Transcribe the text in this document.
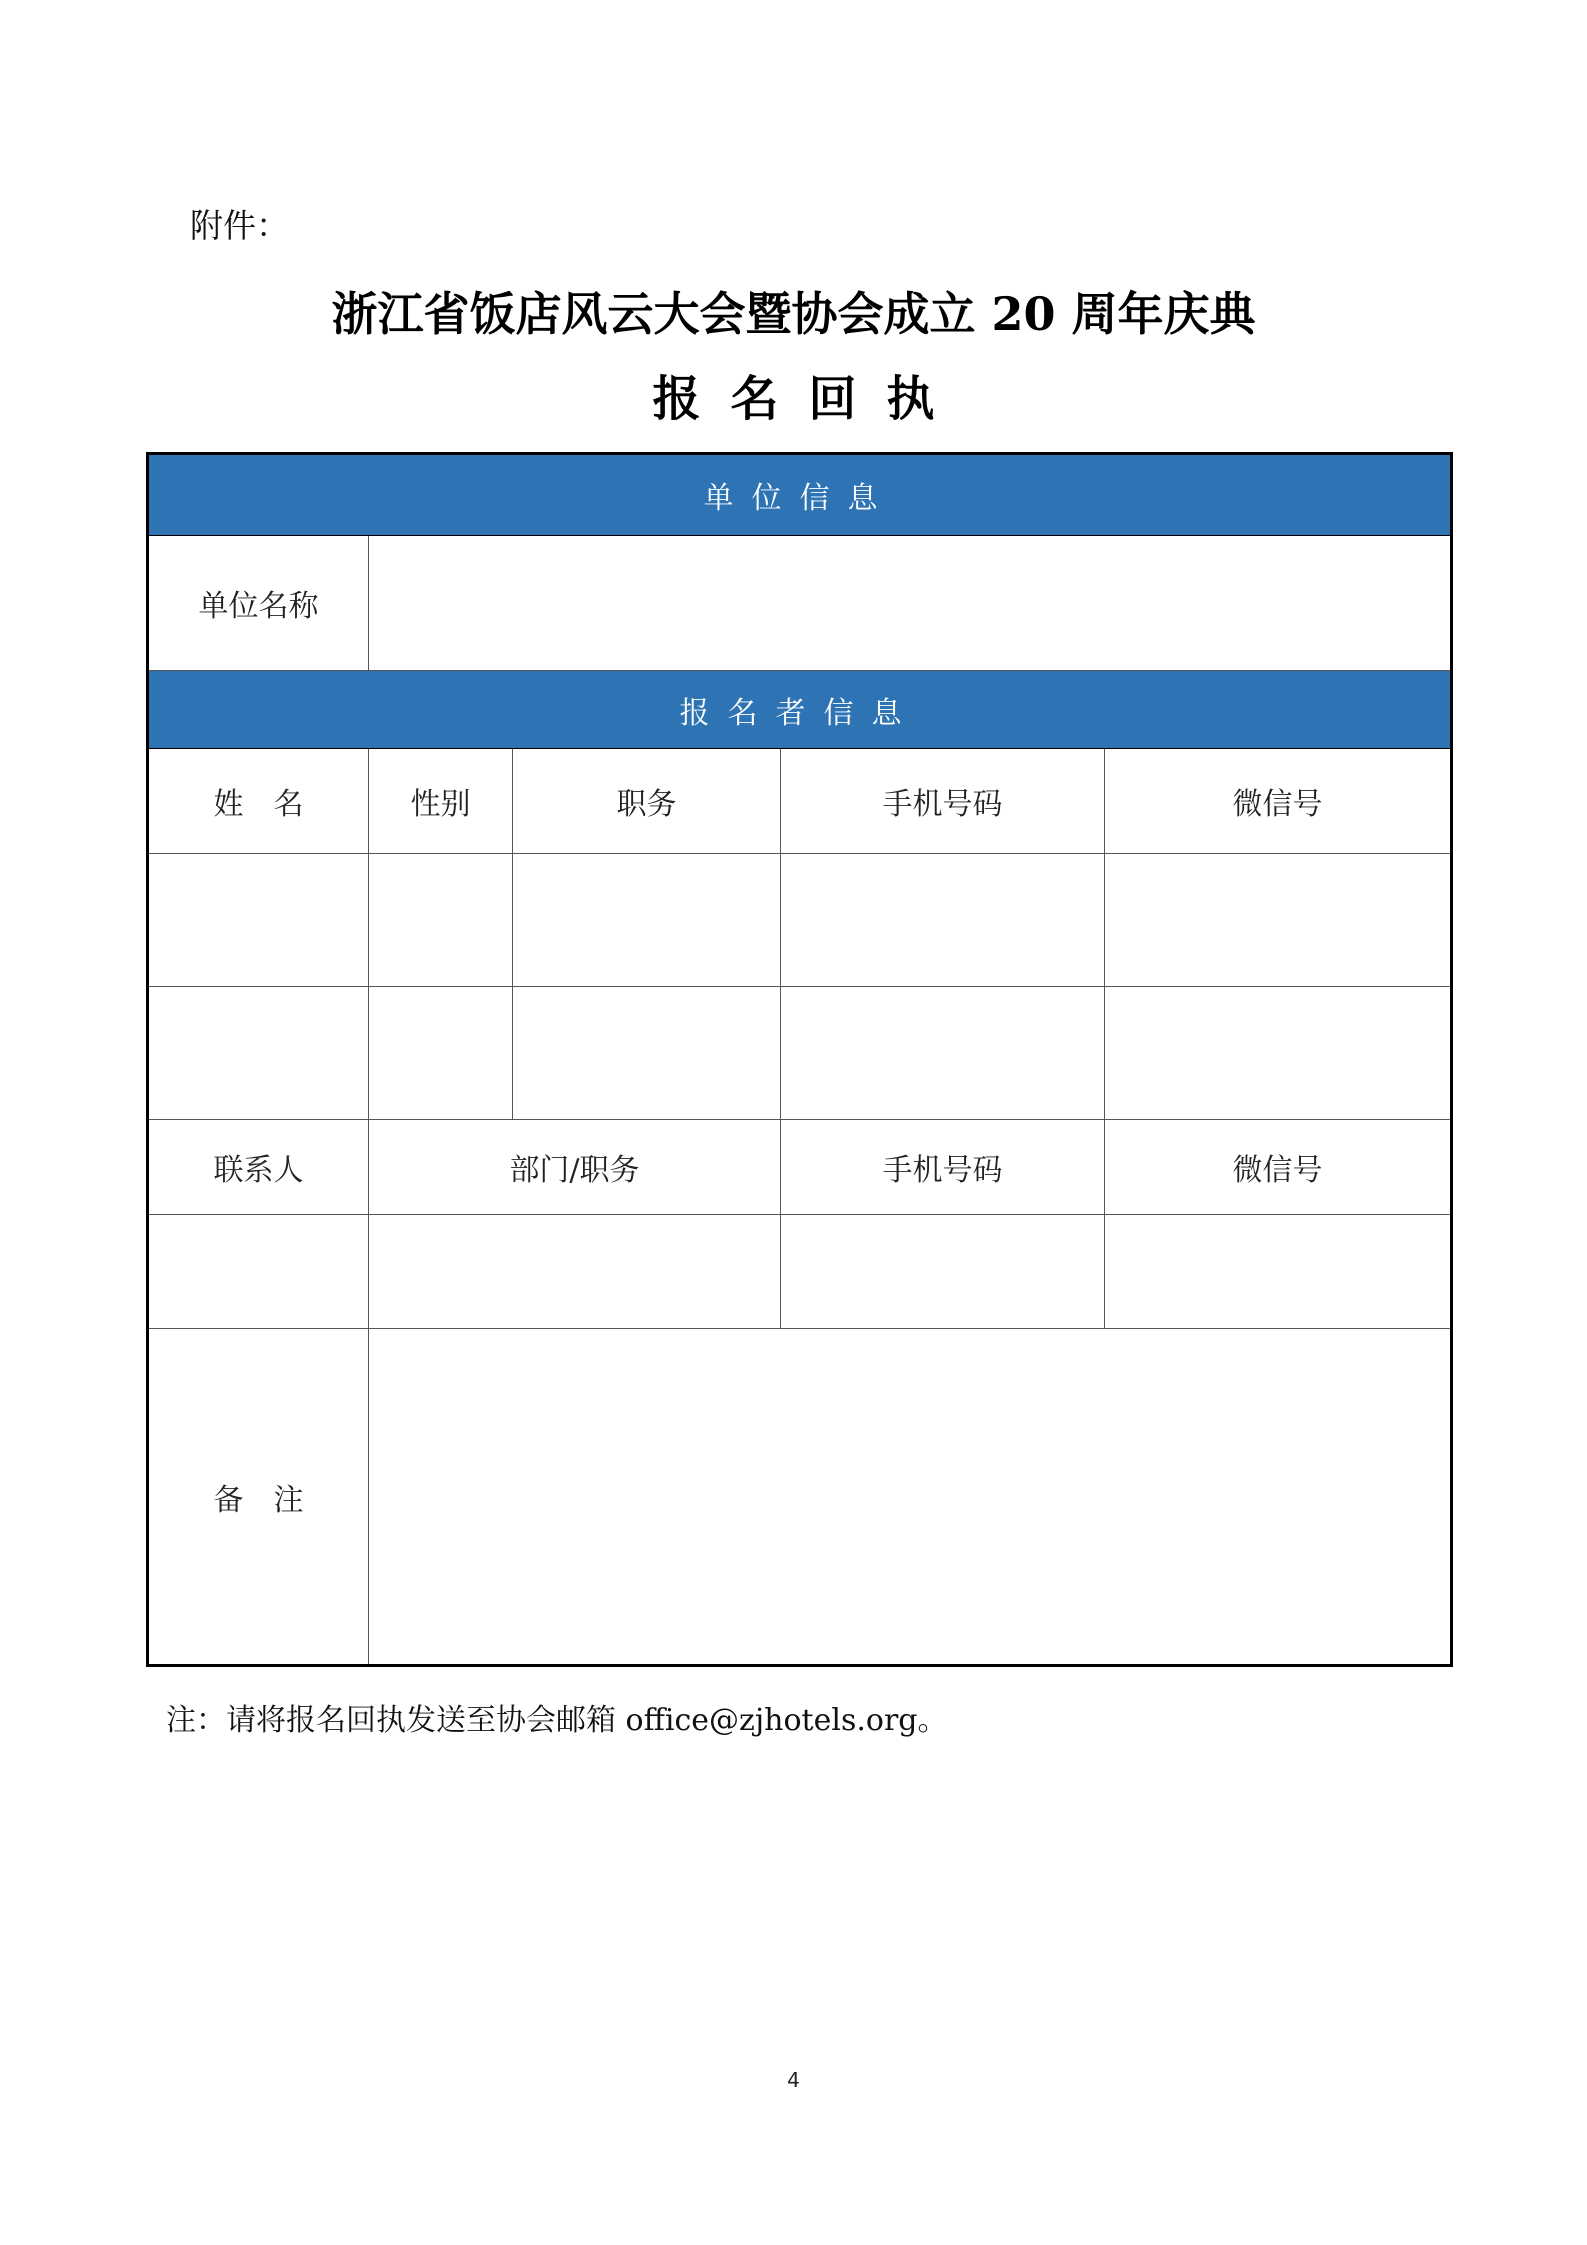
附件：
浙江省饭店风云大会暨协会成立 20 周年庆典
报名回执
单位信息				
单位名称				
报名者信息				
姓　名	性别	职务	手机号码	微信号

联系人	部门/职务		手机号码	微信号

备　注				
注：请将报名回执发送至协会邮箱 office@zjhotels.org。
4
